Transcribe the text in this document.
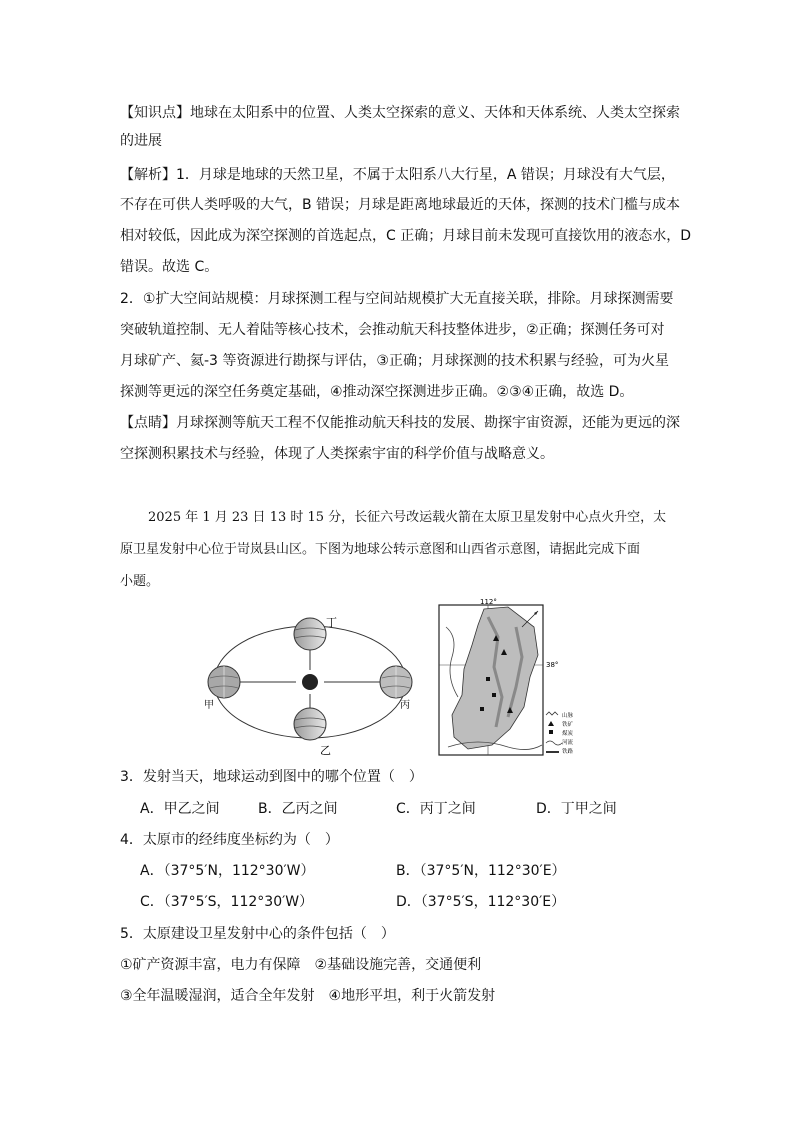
【知识点】地球在太阳系中的位置、人类太空探索的意义、天体和天体系统、人类太空探索
的进展
【解析】1．月球是地球的天然卫星，不属于太阳系八大行星，A 错误；月球没有大气层，
不存在可供人类呼吸的大气，B 错误；月球是距离地球最近的天体，探测的技术门槛与成本
相对较低，因此成为深空探测的首选起点，C 正确；月球目前未发现可直接饮用的液态水，D
错误。故选 C。
2．①扩大空间站规模：月球探测工程与空间站规模扩大无直接关联，排除。月球探测需要
突破轨道控制、无人着陆等核心技术，会推动航天科技整体进步，②正确；探测任务可对
月球矿产、氦-3 等资源进行勘探与评估，③正确；月球探测的技术积累与经验，可为火星
探测等更远的深空任务奠定基础，④推动深空探测进步正确。②③④正确，故选 D。
【点睛】月球探测等航天工程不仅能推动航天科技的发展、勘探宇宙资源，还能为更远的深
空探测积累技术与经验，体现了人类探索宇宙的科学价值与战略意义。
2025 年 1 月 23 日 13 时 15 分，长征六号改运载火箭在太原卫星发射中心点火升空，太
原卫星发射中心位于岢岚县山区。下图为地球公转示意图和山西省示意图，请据此完成下面
小题。
丁
甲	丙
乙
112°
38°
山脉
铁矿
煤炭
河流
铁路
3．发射当天，地球运动到图中的哪个位置（　）
A．甲乙之间	B．乙丙之间	C．丙丁之间	D．丁甲之间
4．太原市的经纬度坐标约为（　）
A．（37°5′N，112°30′W）	B．（37°5′N，112°30′E）
C．（37°5′S，112°30′W）	D．（37°5′S，112°30′E）
5．太原建设卫星发射中心的条件包括（　）
①矿产资源丰富，电力有保障　②基础设施完善，交通便利
③全年温暖湿润，适合全年发射　④地形平坦，利于火箭发射
